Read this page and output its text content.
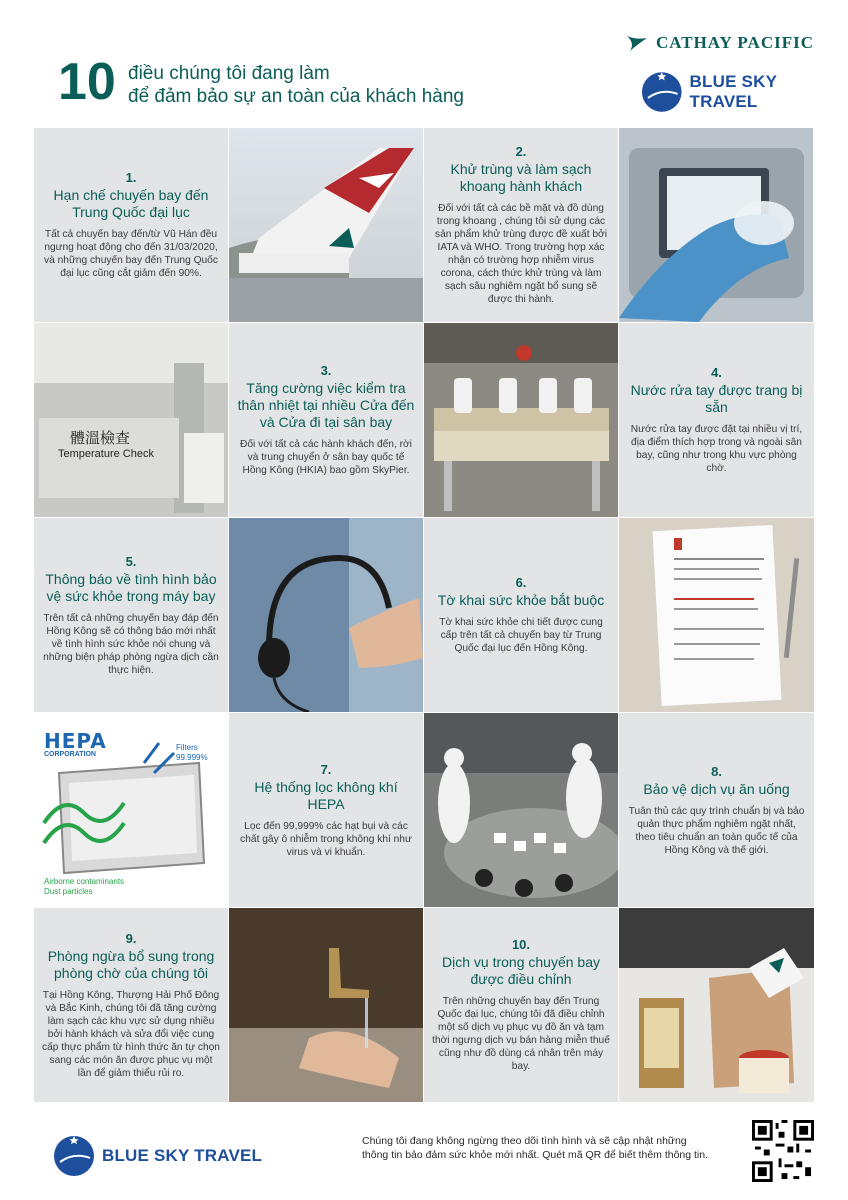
10 điều chúng tôi đang làm
để đảm bảo sự an toàn của khách hàng
CATHAY PACIFIC
BLUE SKY TRAVEL
1.
Hạn chế chuyến bay đến Trung Quốc đại lục
Tất cả chuyến bay đến/từ Vũ Hán đều ngưng hoạt động cho đến 31/03/2020, và những chuyến bay đến Trung Quốc đại lục cũng cắt giảm đến 90%.
2.
Khử trùng và làm sạch khoang hành khách
Đối với tất cả các bề mặt và đồ dùng trong khoang , chúng tôi sử dụng các sản phẩm khử trùng được đề xuất bởi IATA và WHO. Trong trường hợp xác nhận có trường hợp nhiễm virus corona, cách thức khử trùng và làm sạch sâu nghiêm ngặt bổ sung sẽ được thi hành.
體溫檢查
Temperature Check
3.
Tăng cường việc kiểm tra thân nhiệt tại nhiều Cửa đến và Cửa đi tại sân bay
Đối với tất cả các hành khách đến, rời và trung chuyển ở sân bay quốc tế Hồng Kông (HKIA) bao gồm SkyPier.
4.
Nước rửa tay được trang bị sẵn
Nước rửa tay được đặt tại nhiều vị trí, địa điểm thích hợp trong và ngoài sân bay, cũng như trong khu vực phòng chờ.
5.
Thông báo về tình hình bảo vệ sức khỏe trong máy bay
Trên tất cả những chuyến bay đáp đến Hồng Kông sẽ có thông báo mới nhất về tình hình sức khỏe nói chung và những biện pháp phòng ngừa dịch cần thực hiện.
6.
Tờ khai sức khỏe bắt buộc
Tờ khai sức khỏe chi tiết được cung cấp trên tất cả chuyến bay từ Trung Quốc đại lục đến Hồng Kông.
HEPA
CORPORATION
Filters
99.999%
Airborne contaminants
Dust particles
7.
Hệ thống lọc không khí HEPA
Lọc đến 99,999% các hạt bụi và các chất gây ô nhiễm trong không khí như virus và vi khuẩn.
8.
Bảo vệ dịch vụ ăn uống
Tuân thủ các quy trình chuẩn bị và bảo quản thực phẩm nghiêm ngặt nhất, theo tiêu chuẩn an toàn quốc tế của Hồng Kông và thế giới.
9.
Phòng ngừa bổ sung trong phòng chờ của chúng tôi
Tại Hồng Kông, Thượng Hải Phố Đông và Bắc Kinh, chúng tôi đã tăng cường làm sạch các khu vực sử dụng nhiều bởi hành khách và sửa đổi việc cung cấp thực phẩm từ hình thức ăn tự chọn sang các món ăn được phục vụ một lần để giảm thiểu rủi ro.
10.
Dịch vụ trong chuyến bay được điều chỉnh
Trên những chuyến bay đến Trung Quốc đại lục, chúng tôi đã điều chỉnh một số dịch vụ phục vụ đồ ăn và tạm thời ngưng dịch vụ bán hàng miễn thuế cũng như đồ dùng cá nhân trên máy bay.
BLUE SKY TRAVEL
Chúng tôi đang không ngừng theo dõi tình hình và sẽ cập nhật những
thông tin bảo đảm sức khỏe mới nhất. Quét mã QR để biết thêm thông tin.
